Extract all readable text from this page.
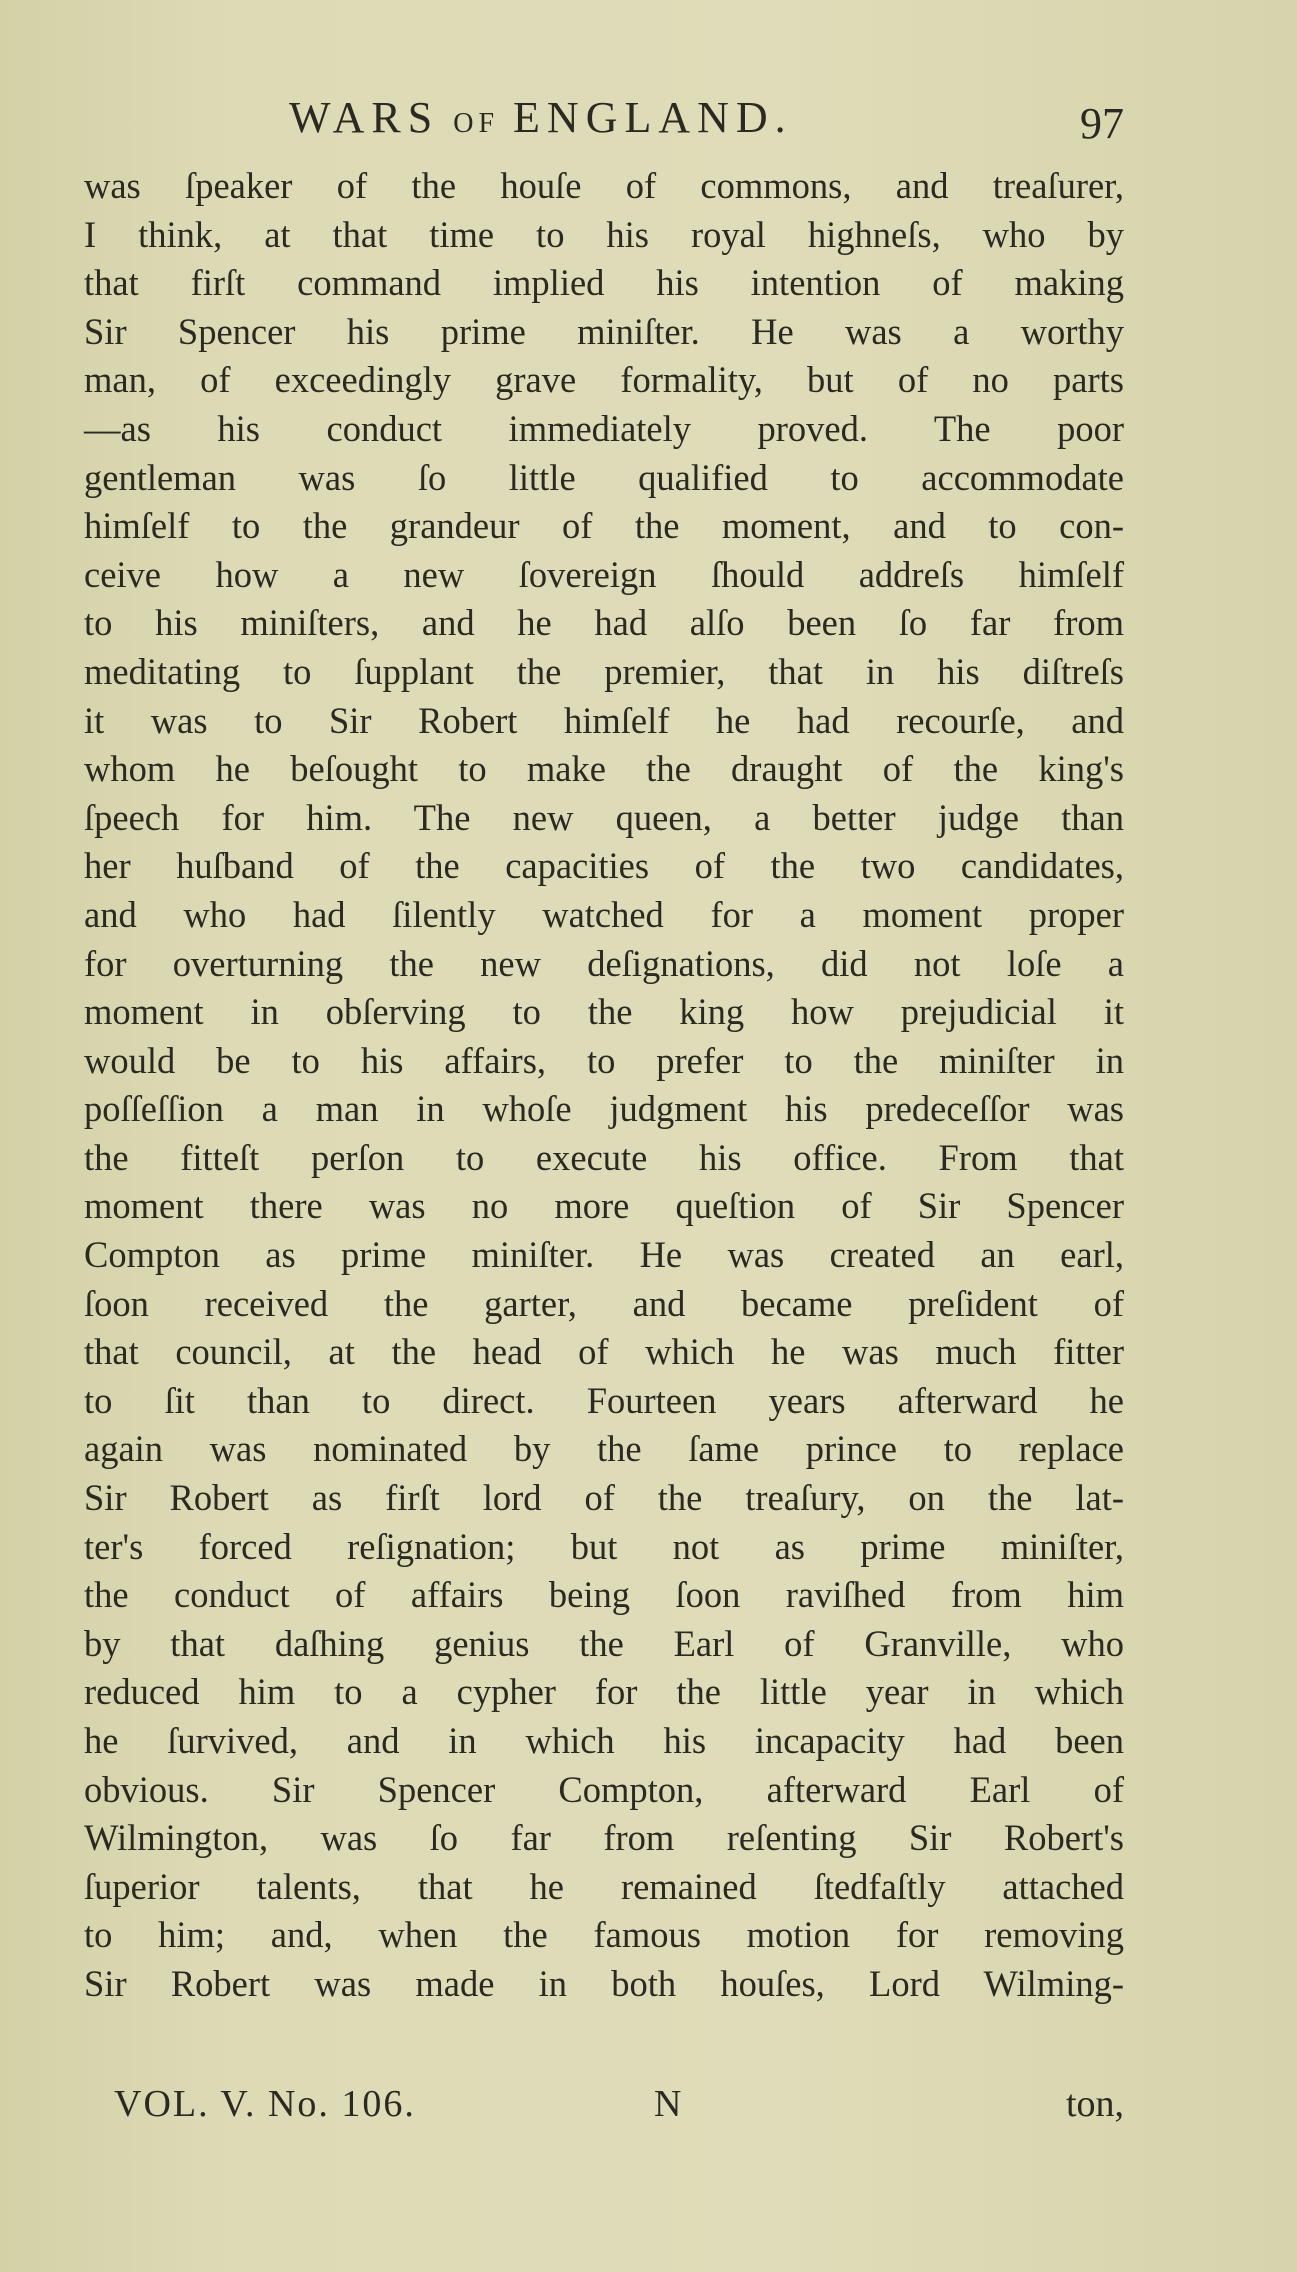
WARS OF ENGLAND.	97
was ſpeaker of the houſe of commons, and treaſurer,
I think, at that time to his royal highneſs, who by
that firſt command implied his intention of making
Sir Spencer his prime miniſter. He was a worthy
man, of exceedingly grave formality, but of no parts
—as his conduct immediately proved. The poor
gentleman was ſo little qualified to accommodate
himſelf to the grandeur of the moment, and to con-
ceive how a new ſovereign ſhould addreſs himſelf
to his miniſters, and he had alſo been ſo far from
meditating to ſupplant the premier, that in his diſtreſs
it was to Sir Robert himſelf he had recourſe, and
whom he beſought to make the draught of the king's
ſpeech for him. The new queen, a better judge than
her huſband of the capacities of the two candidates,
and who had ſilently watched for a moment proper
for overturning the new deſignations, did not loſe a
moment in obſerving to the king how prejudicial it
would be to his affairs, to prefer to the miniſter in
poſſeſſion a man in whoſe judgment his predeceſſor was
the fitteſt perſon to execute his office. From that
moment there was no more queſtion of Sir Spencer
Compton as prime miniſter. He was created an earl,
ſoon received the garter, and became preſident of
that council, at the head of which he was much fitter
to ſit than to direct. Fourteen years afterward he
again was nominated by the ſame prince to replace
Sir Robert as firſt lord of the treaſury, on the lat-
ter's forced reſignation; but not as prime miniſter,
the conduct of affairs being ſoon raviſhed from him
by that daſhing genius the Earl of Granville, who
reduced him to a cypher for the little year in which
he ſurvived, and in which his incapacity had been
obvious. Sir Spencer Compton, afterward Earl of
Wilmington, was ſo far from reſenting Sir Robert's
ſuperior talents, that he remained ſtedfaſtly attached
to him; and, when the famous motion for removing
Sir Robert was made in both houſes, Lord Wilming-
VOL. V. No. 106.	N	ton,
